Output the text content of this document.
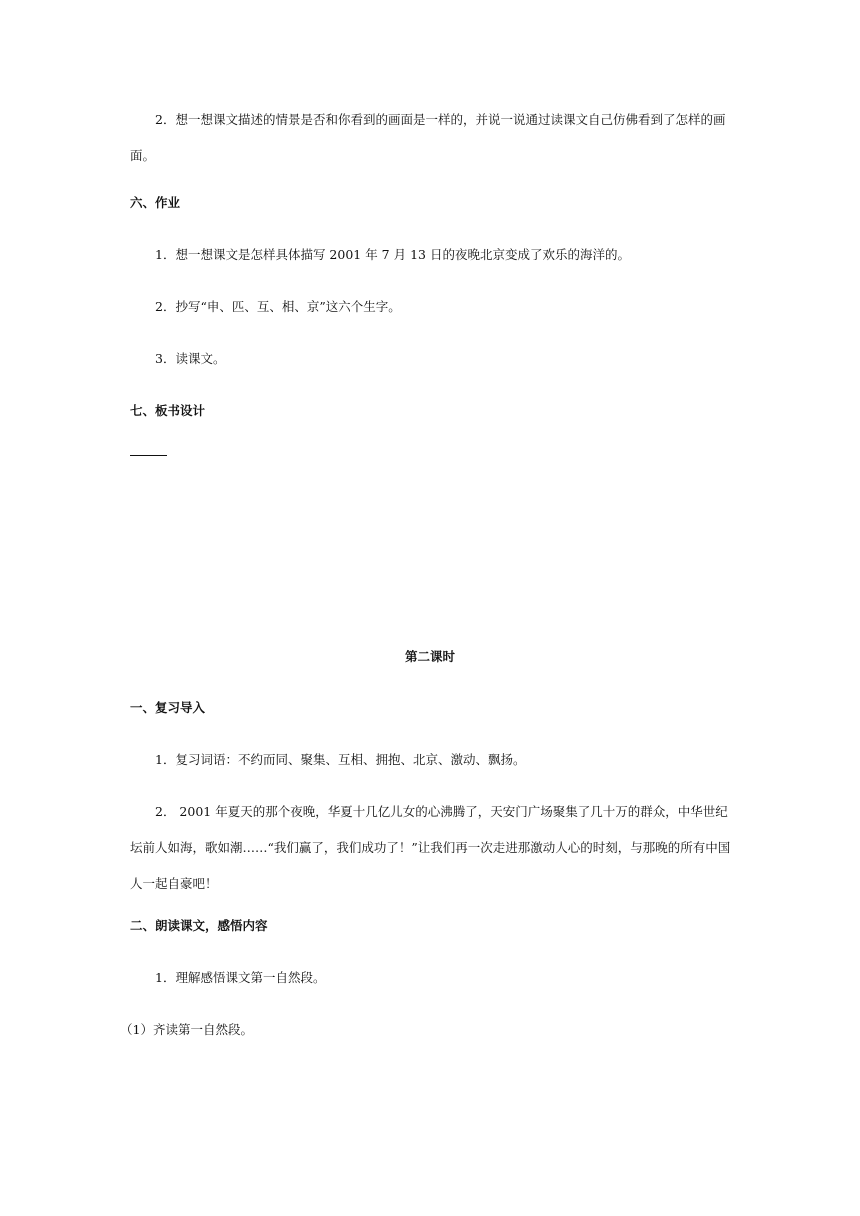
2．想一想课文描述的情景是否和你看到的画面是一样的，并说一说通过读课文自己仿佛看到了怎样的画面。

六、作业
1．想一想课文是怎样具体描写 2001 年 7 月 13 日的夜晚北京变成了欢乐的海洋的。
2．抄写“申、匹、互、相、京”这六个生字。
3．读课文。
七、板书设计
第二课时
一、复习导入
1．复习词语：不约而同、聚集、互相、拥抱、北京、激动、飘扬。

2． 2001 年夏天的那个夜晚，华夏十几亿儿女的心沸腾了，天安门广场聚集了几十万的群众，中华世纪坛前人如海，歌如潮……“我们赢了，我们成功了！”让我们再一次走进那激动人心的时刻，与那晚的所有中国人一起自豪吧！

二、朗读课文，感悟内容
1．理解感悟课文第一自然段。
（1）齐读第一自然段。
